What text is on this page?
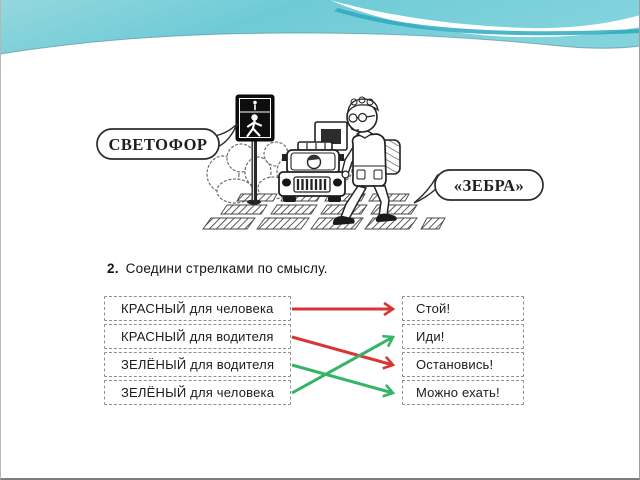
СВЕТОФОР
«ЗЕБРА»
2. Соедини стрелками по смыслу.
КРАСНЫЙ для человека
КРАСНЫЙ для водителя
ЗЕЛЁНЫЙ для водителя
ЗЕЛЁНЫЙ для человека
Стой!
Иди!
Остановись!
Можно ехать!
